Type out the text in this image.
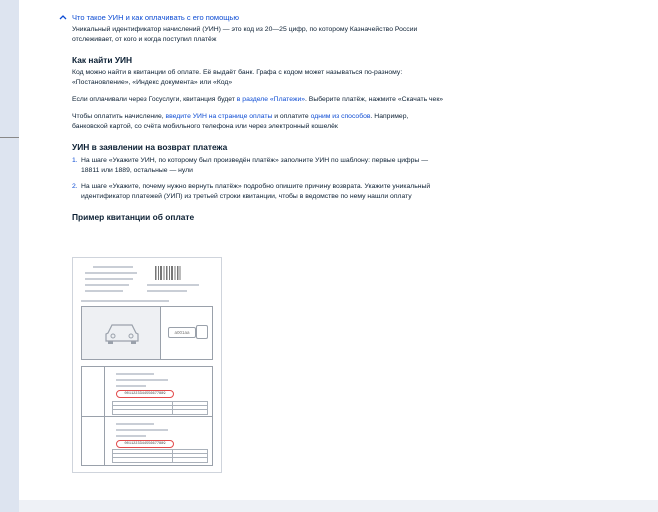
Что такое УИН и как оплачивать с его помощью

Уникальный идентификатор начислений (УИН) — это код из 20—25 цифр, по которому Казначейство России

отслеживает, от кого и когда поступил платёж

Как найти УИН

Код можно найти в квитанции об оплате. Её выдаёт банк. Графа с кодом может называться по-разному:

«Постановление», «Индекс документа» или «Код»

Если оплачивали через Госуслуги, квитанция будет в разделе «Платежи». Выберите платёж, нажмите «Скачать чек»

Чтобы оплатить начисление, введите УИН на странице оплаты и оплатите одним из способов. Например,

банковской картой, со счёта мобильного телефона или через электронный кошелёк

УИН в заявлении на возврат платежа
1. На шаге «Укажите УИН, по которому был произведён платёж» заполните УИН по шаблону: первые цифры —
18811 или 1889, остальные — нули
2. На шаге «Укажите, почему нужно вернуть платёж» подробно опишите причину возврата. Укажите уникальный
идентификатор платежей (УИП) из третьей строки квитанции, чтобы в ведомстве по нему нашли оплату
Пример квитанции об оплате
а001аа
0011223344556677889
0011223344556677889
